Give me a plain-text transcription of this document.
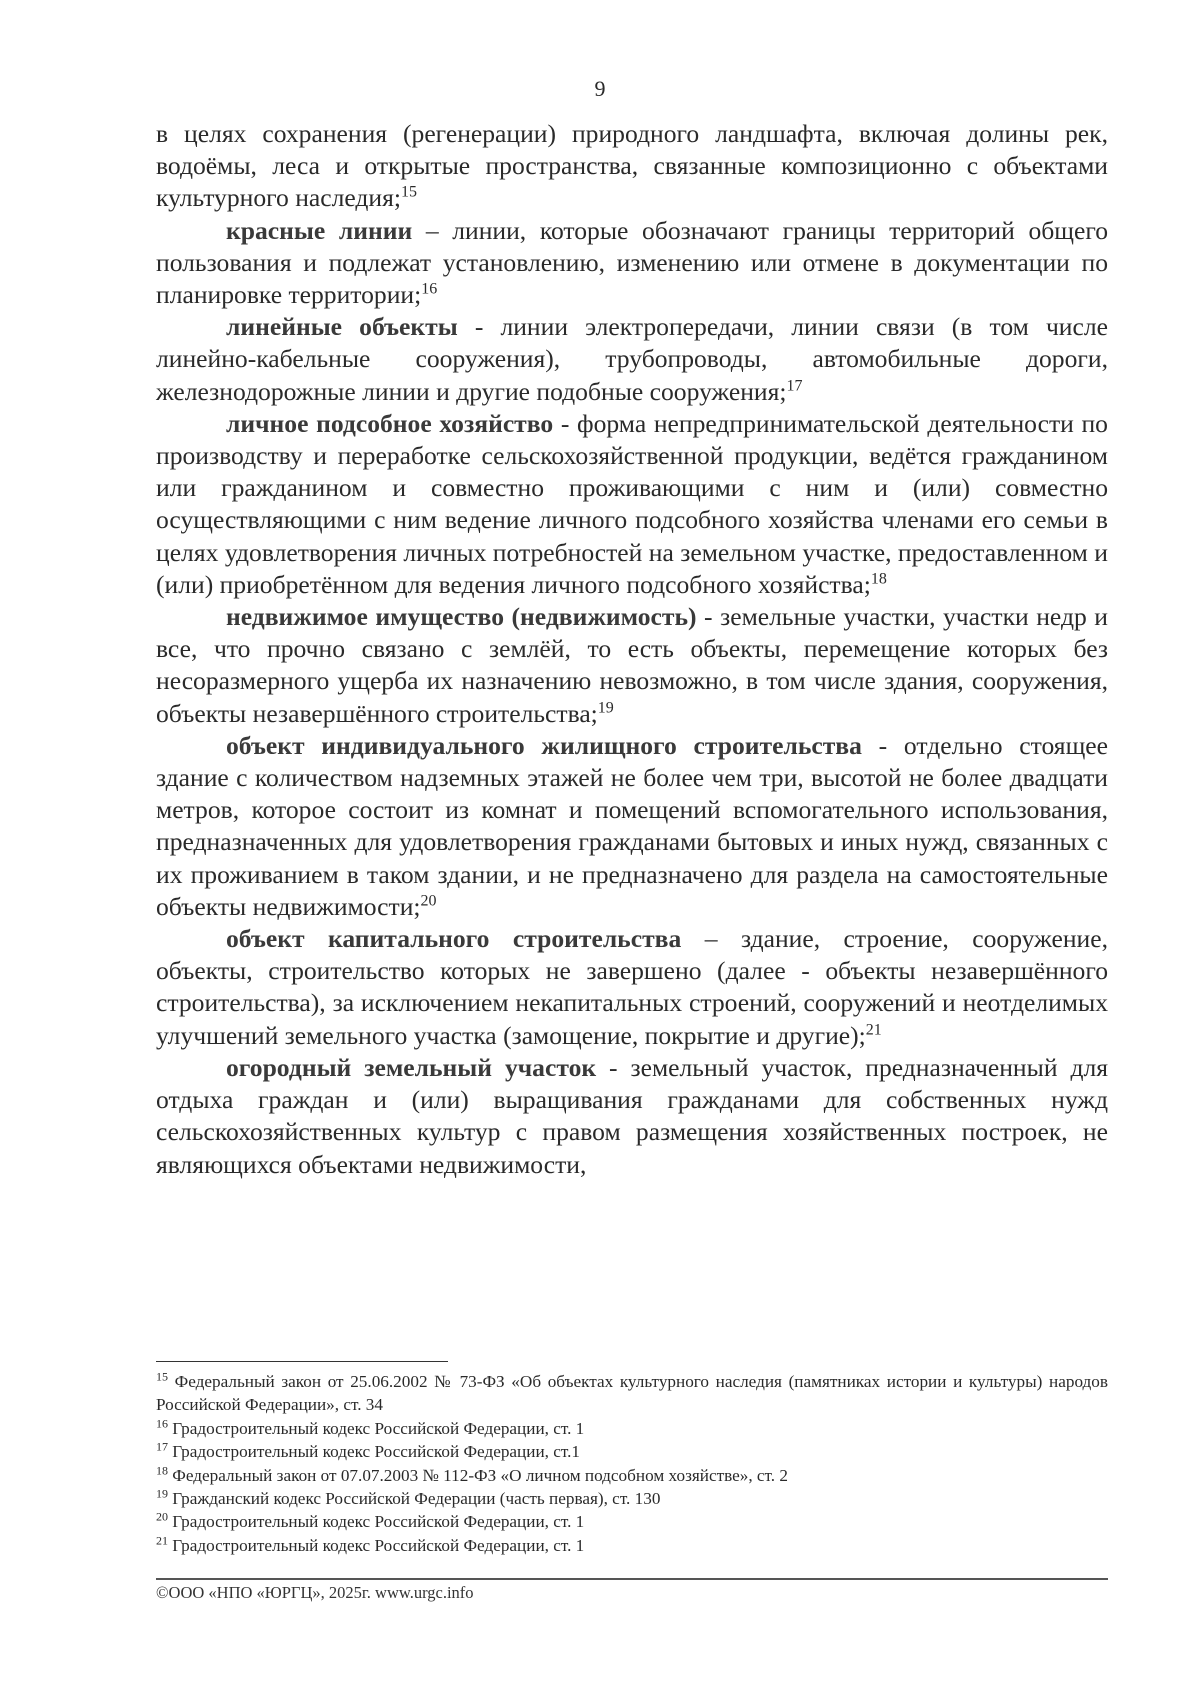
9

в целях сохранения (регенерации) природного ландшафта, включая долины рек, водоёмы, леса и открытые пространства, связанные композиционно с объектами культурного наследия;$^{15}$

красные линии – линии, которые обозначают границы территорий общего пользования и подлежат установлению, изменению или отмене в документации по планировке территории;$^{16}$

линейные объекты - линии электропередачи, линии связи (в том числе линейно-кабельные сооружения), трубопроводы, автомобильные дороги, железнодорожные линии и другие подобные сооружения;$^{17}$

личное подсобное хозяйство - форма непредпринимательской деятельности по производству и переработке сельскохозяйственной продукции, ведётся гражданином или гражданином и совместно проживающими с ним и (или) совместно осуществляющими с ним ведение личного подсобного хозяйства членами его семьи в целях удовлетворения личных потребностей на земельном участке, предоставленном и (или) приобретённом для ведения личного подсобного хозяйства;$^{18}$

недвижимое имущество (недвижимость) - земельные участки, участки недр и все, что прочно связано с землёй, то есть объекты, перемещение которых без несоразмерного ущерба их назначению невозможно, в том числе здания, сооружения, объекты незавершённого строительства;$^{19}$

объект индивидуального жилищного строительства - отдельно стоящее здание с количеством надземных этажей не более чем три, высотой не более двадцати метров, которое состоит из комнат и помещений вспомогательного использования, предназначенных для удовлетворения гражданами бытовых и иных нужд, связанных с их проживанием в таком здании, и не предназначено для раздела на самостоятельные объекты недвижимости;$^{20}$

объект капитального строительства – здание, строение, сооружение, объекты, строительство которых не завершено (далее - объекты незавершённого строительства), за исключением некапитальных строений, сооружений и неотделимых улучшений земельного участка (замощение, покрытие и другие);$^{21}$

огородный земельный участок - земельный участок, предназначенный для отдыха граждан и (или) выращивания гражданами для собственных нужд сельскохозяйственных культур с правом размещения хозяйственных построек, не являющихся объектами недвижимости,

$^{15}$ Федеральный закон от 25.06.2002 № 73-ФЗ «Об объектах культурного наследия (памятниках истории и культуры) народов Российской Федерации», ст. 34

$^{16}$ Градостроительный кодекс Российской Федерации, ст. 1

$^{17}$ Градостроительный кодекс Российской Федерации, ст.1

$^{18}$ Федеральный закон от 07.07.2003 № 112-ФЗ «О личном подсобном хозяйстве», ст. 2

$^{19}$ Гражданский кодекс Российской Федерации (часть первая), ст. 130

$^{20}$ Градостроительный кодекс Российской Федерации, ст. 1

$^{21}$ Градостроительный кодекс Российской Федерации, ст. 1

©ООО «НПО «ЮРГЦ», 2025г. www.urgc.info
